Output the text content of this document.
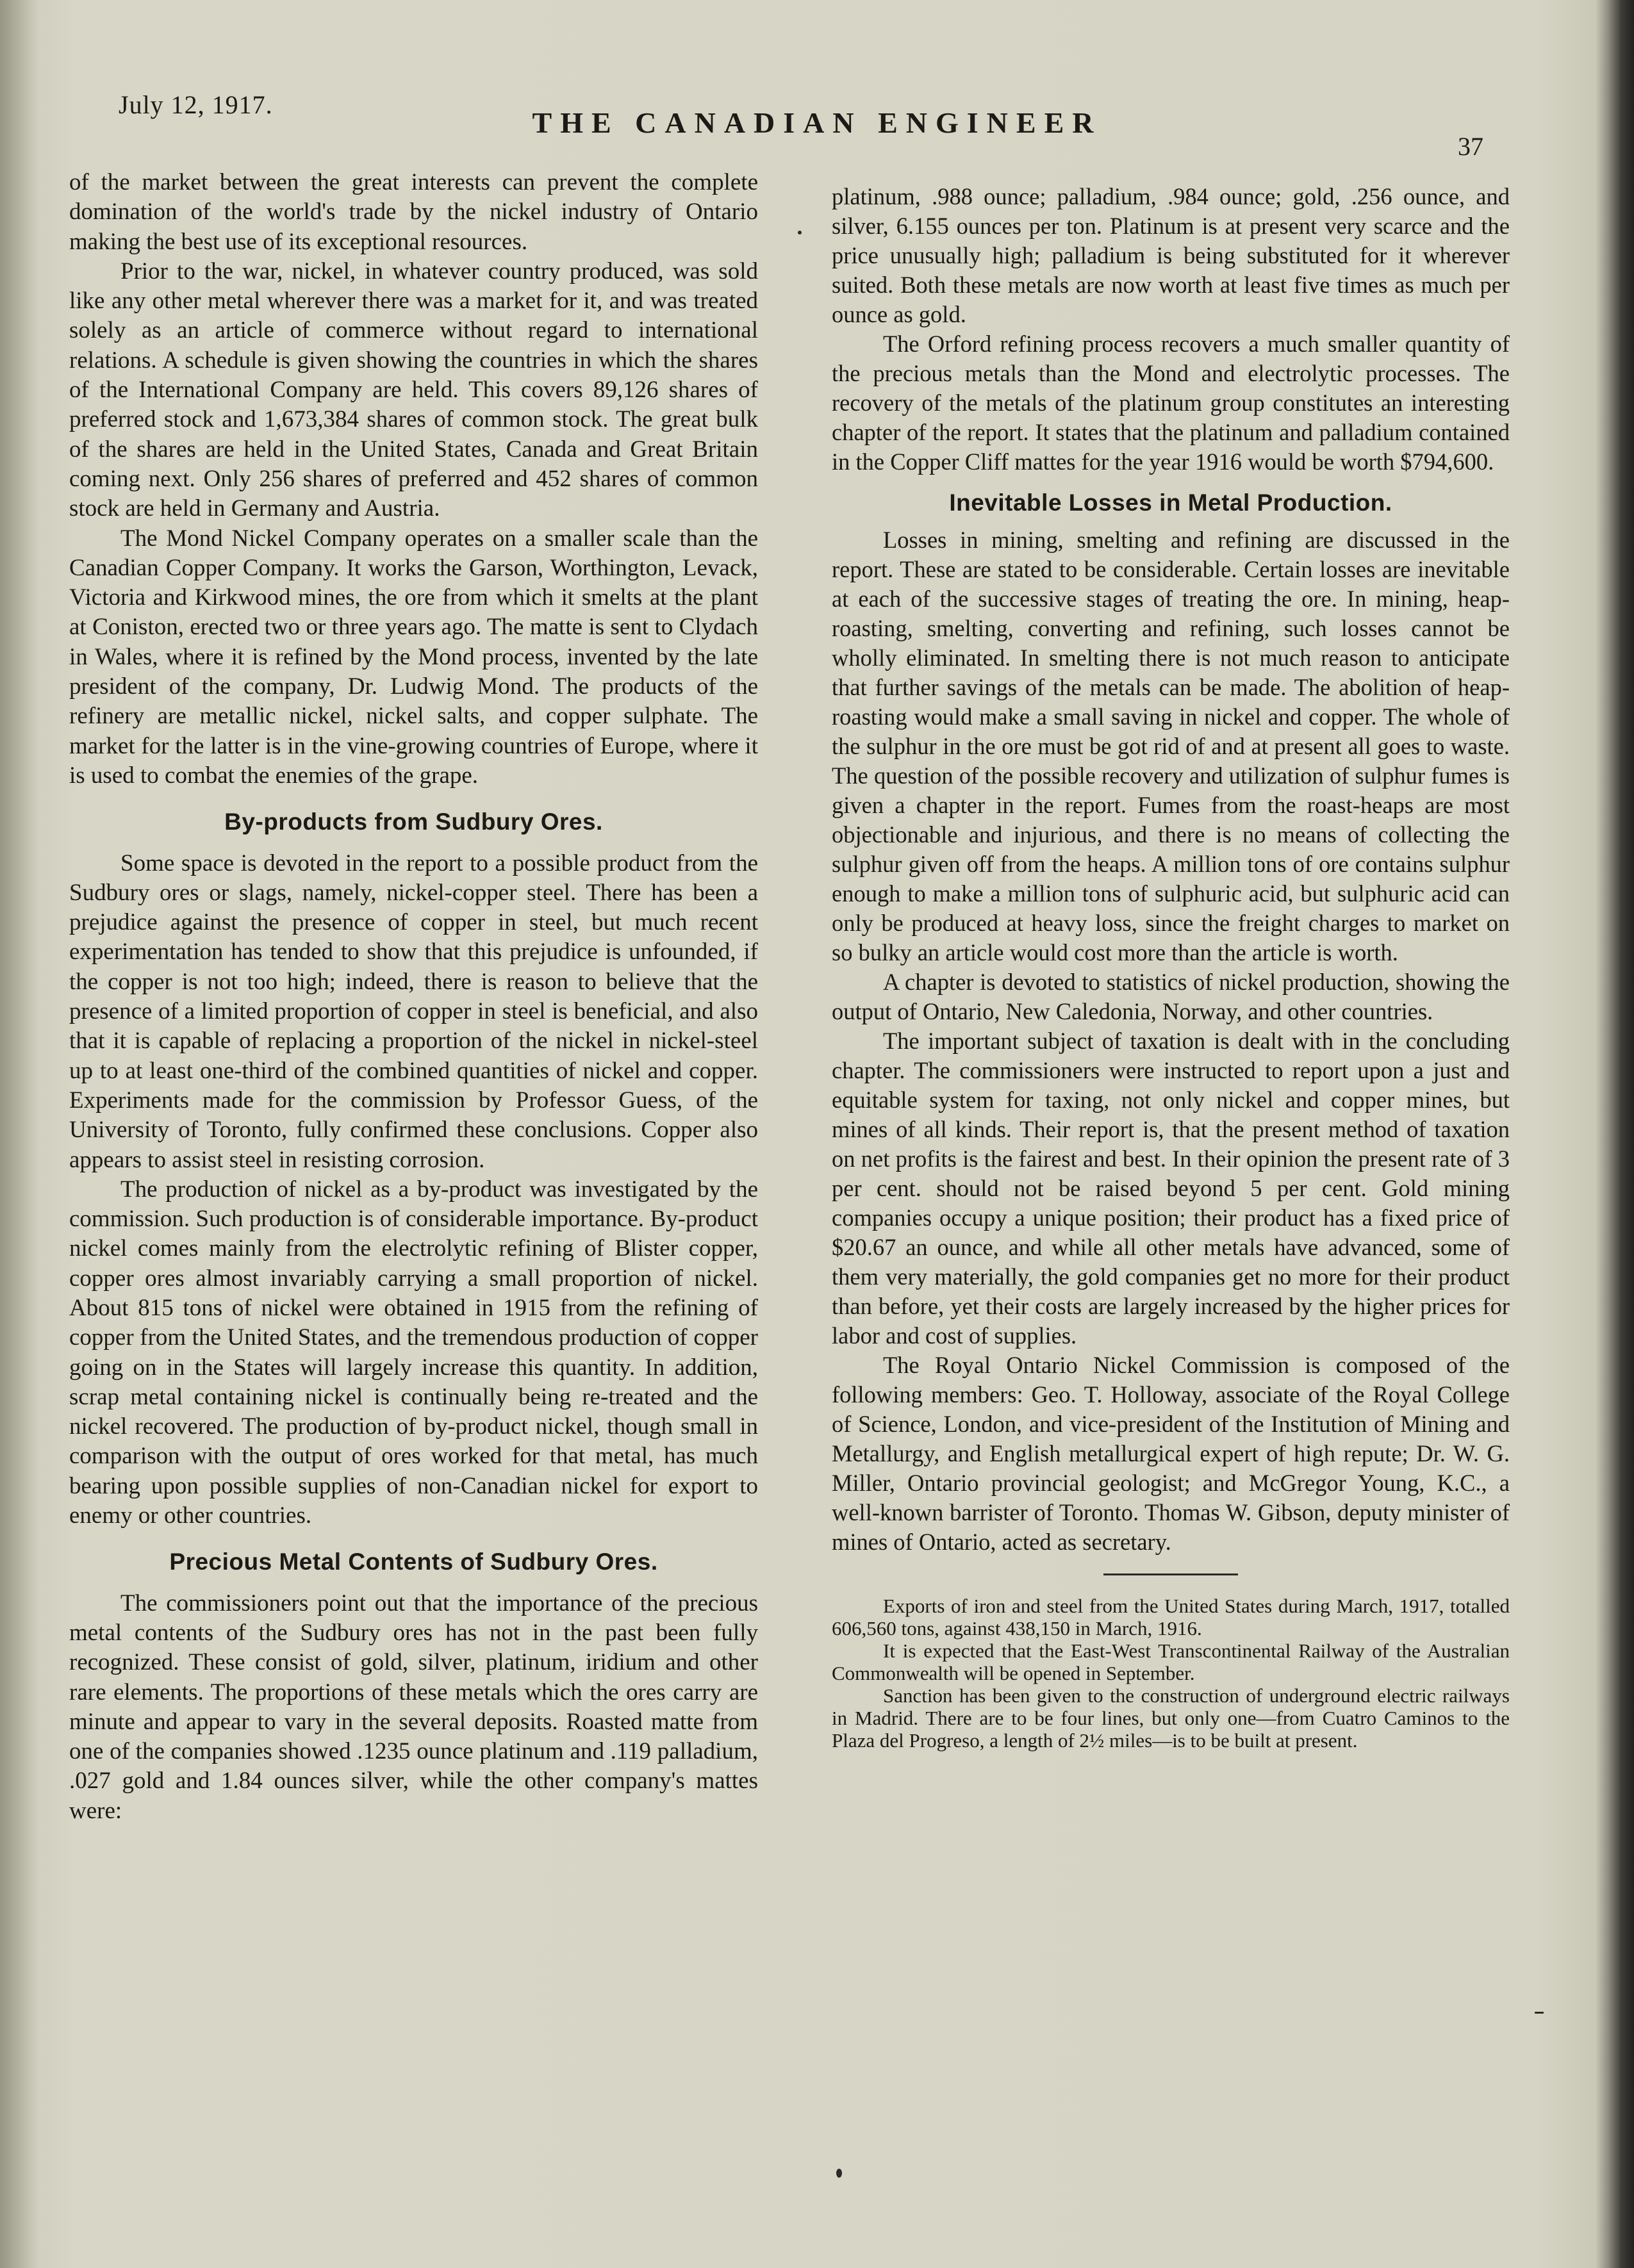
July 12, 1917.
THE CANADIAN ENGINEER
37

of the market between the great interests can prevent the complete domination of the world's trade by the nickel industry of Ontario making the best use of its exceptional resources.

Prior to the war, nickel, in whatever country produced, was sold like any other metal wherever there was a market for it, and was treated solely as an article of commerce without regard to international relations. A schedule is given showing the countries in which the shares of the International Company are held. This covers 89,126 shares of preferred stock and 1,673,384 shares of common stock. The great bulk of the shares are held in the United States, Canada and Great Britain coming next. Only 256 shares of preferred and 452 shares of common stock are held in Germany and Austria.

The Mond Nickel Company operates on a smaller scale than the Canadian Copper Company. It works the Garson, Worthington, Levack, Victoria and Kirkwood mines, the ore from which it smelts at the plant at Coniston, erected two or three years ago. The matte is sent to Clydach in Wales, where it is refined by the Mond process, invented by the late president of the company, Dr. Ludwig Mond. The products of the refinery are metallic nickel, nickel salts, and copper sulphate. The market for the latter is in the vine-growing countries of Europe, where it is used to combat the enemies of the grape.

By-products from Sudbury Ores.

Some space is devoted in the report to a possible product from the Sudbury ores or slags, namely, nickel-copper steel. There has been a prejudice against the presence of copper in steel, but much recent experimentation has tended to show that this prejudice is unfounded, if the copper is not too high; indeed, there is reason to believe that the presence of a limited proportion of copper in steel is beneficial, and also that it is capable of replacing a proportion of the nickel in nickel-steel up to at least one-third of the combined quantities of nickel and copper. Experiments made for the commission by Professor Guess, of the University of Toronto, fully confirmed these conclusions. Copper also appears to assist steel in resisting corrosion.

The production of nickel as a by-product was investigated by the commission. Such production is of considerable importance. By-product nickel comes mainly from the electrolytic refining of Blister copper, copper ores almost invariably carrying a small proportion of nickel. About 815 tons of nickel were obtained in 1915 from the refining of copper from the United States, and the tremendous production of copper going on in the States will largely increase this quantity. In addition, scrap metal containing nickel is continually being re-treated and the nickel recovered. The production of by-product nickel, though small in comparison with the output of ores worked for that metal, has much bearing upon possible supplies of non-Canadian nickel for export to enemy or other countries.

Precious Metal Contents of Sudbury Ores.

The commissioners point out that the importance of the precious metal contents of the Sudbury ores has not in the past been fully recognized. These consist of gold, silver, platinum, iridium and other rare elements. The proportions of these metals which the ores carry are minute and appear to vary in the several deposits. Roasted matte from one of the companies showed .1235 ounce platinum and .119 palladium, .027 gold and 1.84 ounces silver, while the other company's mattes were:

platinum, .988 ounce; palladium, .984 ounce; gold, .256 ounce, and silver, 6.155 ounces per ton. Platinum is at present very scarce and the price unusually high; palladium is being substituted for it wherever suited. Both these metals are now worth at least five times as much per ounce as gold.

The Orford refining process recovers a much smaller quantity of the precious metals than the Mond and electrolytic processes. The recovery of the metals of the platinum group constitutes an interesting chapter of the report. It states that the platinum and palladium contained in the Copper Cliff mattes for the year 1916 would be worth $794,600.

Inevitable Losses in Metal Production.

Losses in mining, smelting and refining are discussed in the report. These are stated to be considerable. Certain losses are inevitable at each of the successive stages of treating the ore. In mining, heap-roasting, smelting, converting and refining, such losses cannot be wholly eliminated. In smelting there is not much reason to anticipate that further savings of the metals can be made. The abolition of heap-roasting would make a small saving in nickel and copper. The whole of the sulphur in the ore must be got rid of and at present all goes to waste. The question of the possible recovery and utilization of sulphur fumes is given a chapter in the report. Fumes from the roast-heaps are most objectionable and injurious, and there is no means of collecting the sulphur given off from the heaps. A million tons of ore contains sulphur enough to make a million tons of sulphuric acid, but sulphuric acid can only be produced at heavy loss, since the freight charges to market on so bulky an article would cost more than the article is worth.

A chapter is devoted to statistics of nickel production, showing the output of Ontario, New Caledonia, Norway, and other countries.

The important subject of taxation is dealt with in the concluding chapter. The commissioners were instructed to report upon a just and equitable system for taxing, not only nickel and copper mines, but mines of all kinds. Their report is, that the present method of taxation on net profits is the fairest and best. In their opinion the present rate of 3 per cent. should not be raised beyond 5 per cent. Gold mining companies occupy a unique position; their product has a fixed price of $20.67 an ounce, and while all other metals have advanced, some of them very materially, the gold companies get no more for their product than before, yet their costs are largely increased by the higher prices for labor and cost of supplies.

The Royal Ontario Nickel Commission is composed of the following members: Geo. T. Holloway, associate of the Royal College of Science, London, and vice-president of the Institution of Mining and Metallurgy, and English metallurgical expert of high repute; Dr. W. G. Miller, Ontario provincial geologist; and McGregor Young, K.C., a well-known barrister of Toronto. Thomas W. Gibson, deputy minister of mines of Ontario, acted as secretary.

Exports of iron and steel from the United States during March, 1917, totalled 606,560 tons, against 438,150 in March, 1916.

It is expected that the East-West Transcontinental Railway of the Australian Commonwealth will be opened in September.

Sanction has been given to the construction of underground electric railways in Madrid. There are to be four lines, but only one—from Cuatro Caminos to the Plaza del Progreso, a length of 2½ miles—is to be built at present.
